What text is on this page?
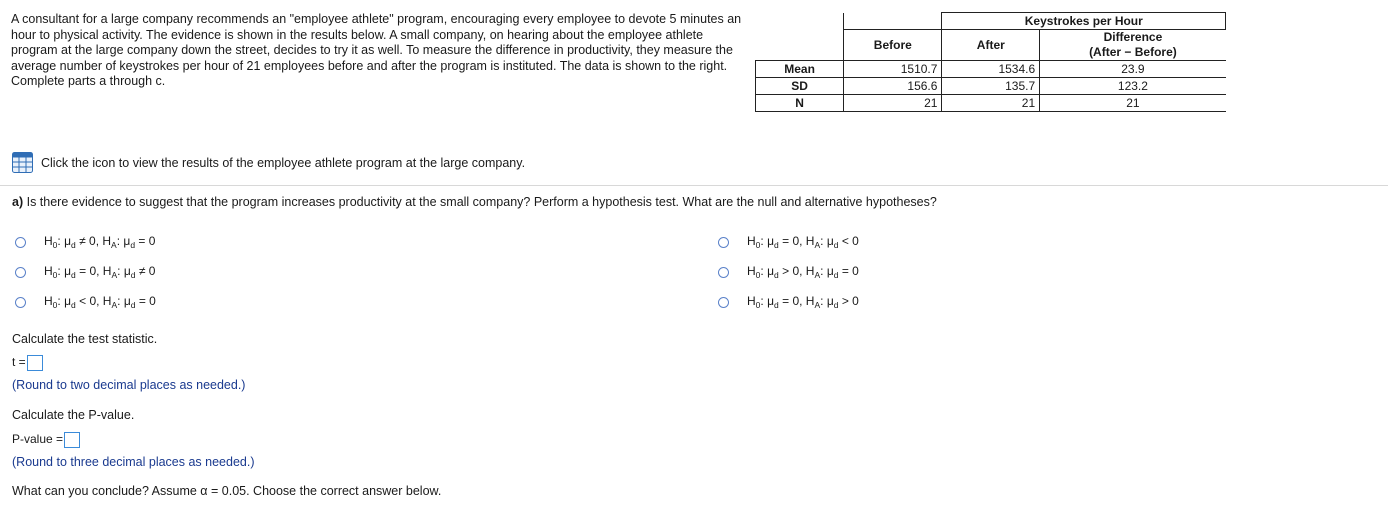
A consultant for a large company recommends an "employee athlete" program, encouraging every employee to devote 5 minutes an hour to physical activity. The evidence is shown in the results below. A small company, on hearing about the employee athlete program at the large company down the street, decides to try it as well. To measure the difference in productivity, they measure the average number of keystrokes per hour of 21 employees before and after the program is instituted. The data is shown to the right. Complete parts a through c.
		Keystrokes per Hour		
	Before	After	Difference
(After − Before)	
Mean	1510.7	1534.6	23.9	
SD	156.6	135.7	123.2	
N	21	21	21	
Click the icon to view the results of the employee athlete program at the large company.
a) Is there evidence to suggest that the program increases productivity at the small company? Perform a hypothesis test. What are the null and alternative hypotheses?
$H_0$: $\mu_d \ne 0$, $H_A$: $\mu_d = 0$
$H_0$: $\mu_d = 0$, $H_A$: $\mu_d \ne 0$
$H_0$: $\mu_d < 0$, $H_A$: $\mu_d = 0$
$H_0$: $\mu_d = 0$, $H_A$: $\mu_d < 0$
$H_0$: $\mu_d > 0$, $H_A$: $\mu_d = 0$
$H_0$: $\mu_d = 0$, $H_A$: $\mu_d > 0$
Calculate the test statistic.
t =
(Round to two decimal places as needed.)
Calculate the P-value.
P-value =
(Round to three decimal places as needed.)
What can you conclude? Assume α = 0.05. Choose the correct answer below.
